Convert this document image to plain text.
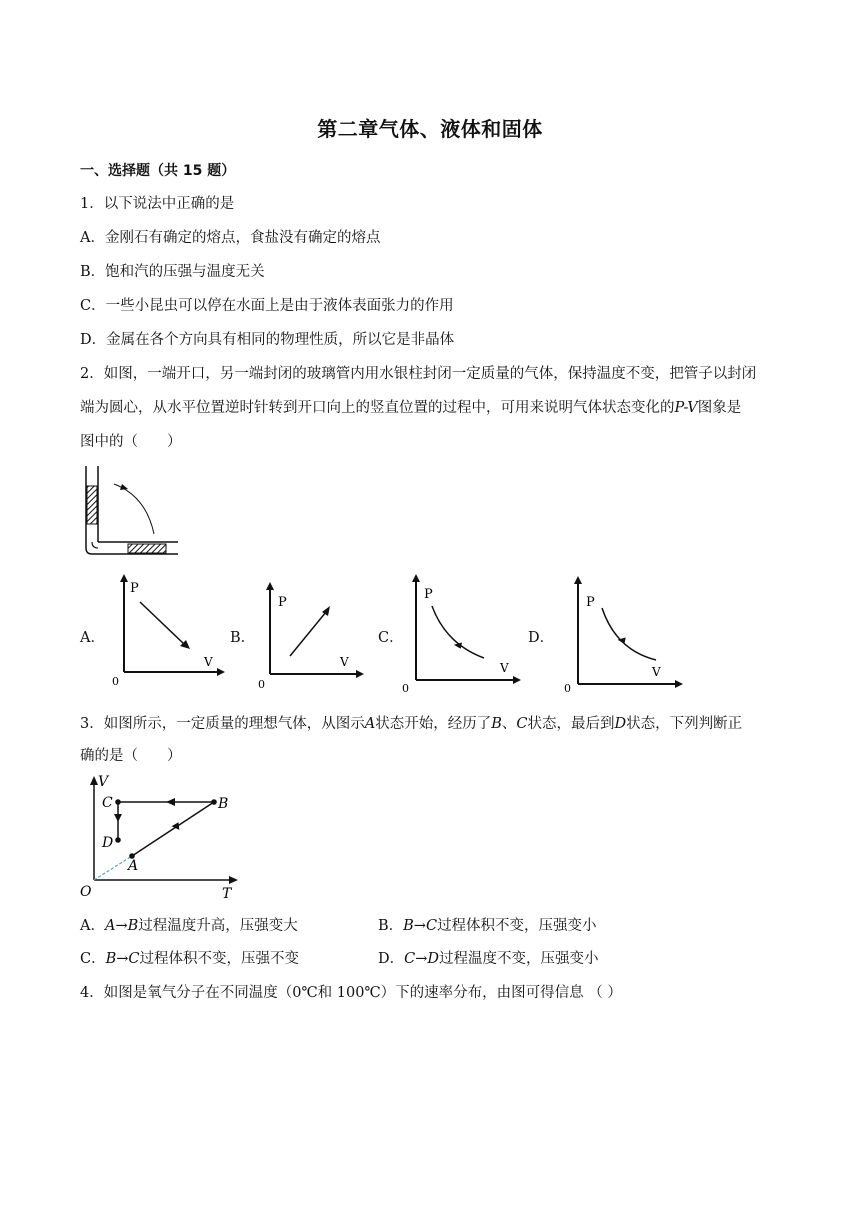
第二章气体、液体和固体
一、选择题（共 15 题）
1．以下说法中正确的是
A．金刚石有确定的熔点，食盐没有确定的熔点
B．饱和汽的压强与温度无关
C．一些小昆虫可以停在水面上是由于液体表面张力的作用
D．金属在各个方向具有相同的物理性质，所以它是非晶体
2．如图，一端开口，另一端封闭的玻璃管内用水银柱封闭一定质量的气体，保持温度不变，把管子以封闭
端为圆心，从水平位置逆时针转到开口向上的竖直位置的过程中，可用来说明气体状态变化的P-V图象是
图中的（　　）
A．
P
V
0
B．
P
V
0
C．
P
V
0
D．
P
V
0
3．如图所示，一定质量的理想气体，从图示A状态开始，经历了B、C状态，最后到D状态，下列判断正
确的是（　　）
V
T
O
A
B
C
D
A．A→B过程温度升高，压强变大	B．B→C过程体积不变，压强变小
C．B→C过程体积不变，压强不变	D．C→D过程温度不变，压强变小
4．如图是氧气分子在不同温度（0℃和 100℃）下的速率分布，由图可得信息 （ ）
